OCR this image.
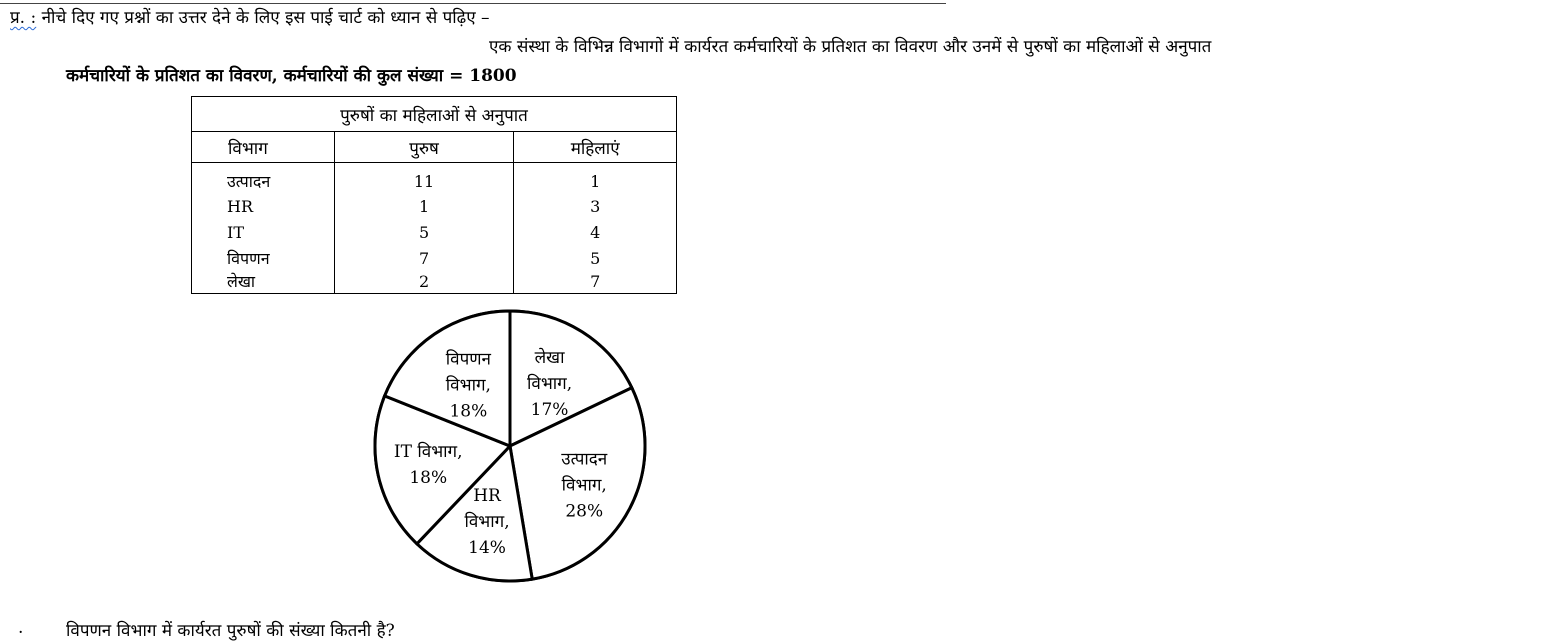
प्र. : नीचे दिए गए प्रश्नों का उत्तर देने के लिए इस पाई चार्ट को ध्यान से पढ़िए –
एक संस्था के विभिन्न विभागों में कार्यरत कर्मचारियों के प्रतिशत का विवरण और उनमें से पुरुषों का महिलाओं से अनुपात
कर्मचारियों के प्रतिशत का विवरण, कर्मचारियों की कुल संख्या = 1800
पुरुषों का महिलाओं से अनुपात		
विभाग	पुरुष	महिलाएं
उत्पादन	11	1
HR	1	3
IT	5	4
विपणन	7	5
लेखा	2	7
लेखा
विभाग,
17%
उत्पादन
विभाग,
28%
HR
विभाग,
14%
IT विभाग,
18%
विपणन
विभाग,
18%
.	विपणन विभाग में कार्यरत पुरुषों की संख्या कितनी है?
